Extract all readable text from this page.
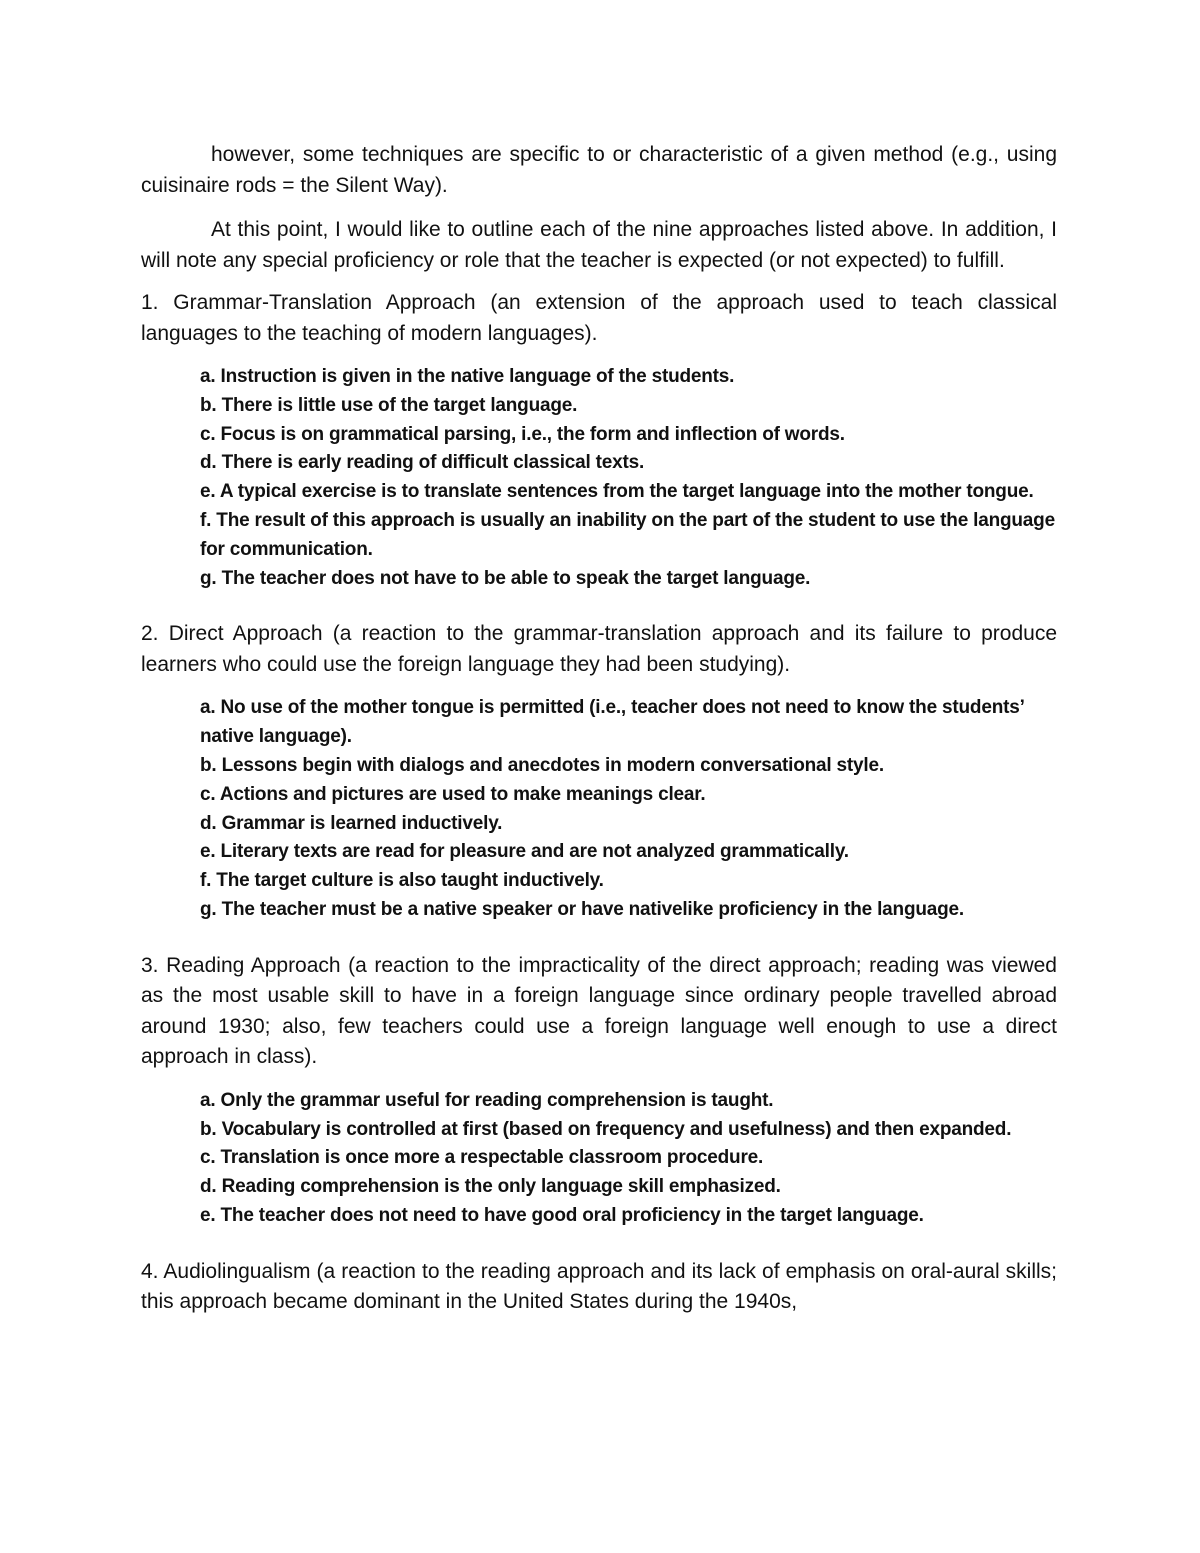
however, some techniques are specific to or characteristic of a given method (e.g., using cuisinaire rods = the Silent Way).

At this point, I would like to outline each of the nine approaches listed above. In addition, I will note any special proficiency or role that the teacher is expected (or not expected) to fulfill.

1. Grammar-Translation Approach (an extension of the approach used to teach classical languages to the teaching of modern languages).

a. Instruction is given in the native language of the students.
b. There is little use of the target language.
c. Focus is on grammatical parsing, i.e., the form and inflection of words.
d. There is early reading of difficult classical texts.
e. A typical exercise is to translate sentences from the target language into the mother tongue.
f. The result of this approach is usually an inability on the part of the student to use the language for communication.
g. The teacher does not have to be able to speak the target language.

2. Direct Approach (a reaction to the grammar-translation approach and its failure to produce learners who could use the foreign language they had been studying).

a. No use of the mother tongue is permitted (i.e., teacher does not need to know the students’ native language).
b. Lessons begin with dialogs and anecdotes in modern conversational style.
c. Actions and pictures are used to make meanings clear.
d. Grammar is learned inductively.
e. Literary texts are read for pleasure and are not analyzed grammatically.
f. The target culture is also taught inductively.
g. The teacher must be a native speaker or have nativelike proficiency in the language.

3. Reading Approach (a reaction to the impracticality of the direct approach; reading was viewed as the most usable skill to have in a foreign language since ordinary people travelled abroad around 1930; also, few teachers could use a foreign language well enough to use a direct approach in class).

a. Only the grammar useful for reading comprehension is taught.
b. Vocabulary is controlled at first (based on frequency and usefulness) and then expanded.
c. Translation is once more a respectable classroom procedure.
d. Reading comprehension is the only language skill emphasized.
e. The teacher does not need to have good oral proficiency in the target language.

4. Audiolingualism (a reaction to the reading approach and its lack of emphasis on oral-aural skills; this approach became dominant in the United States during the 1940s,
